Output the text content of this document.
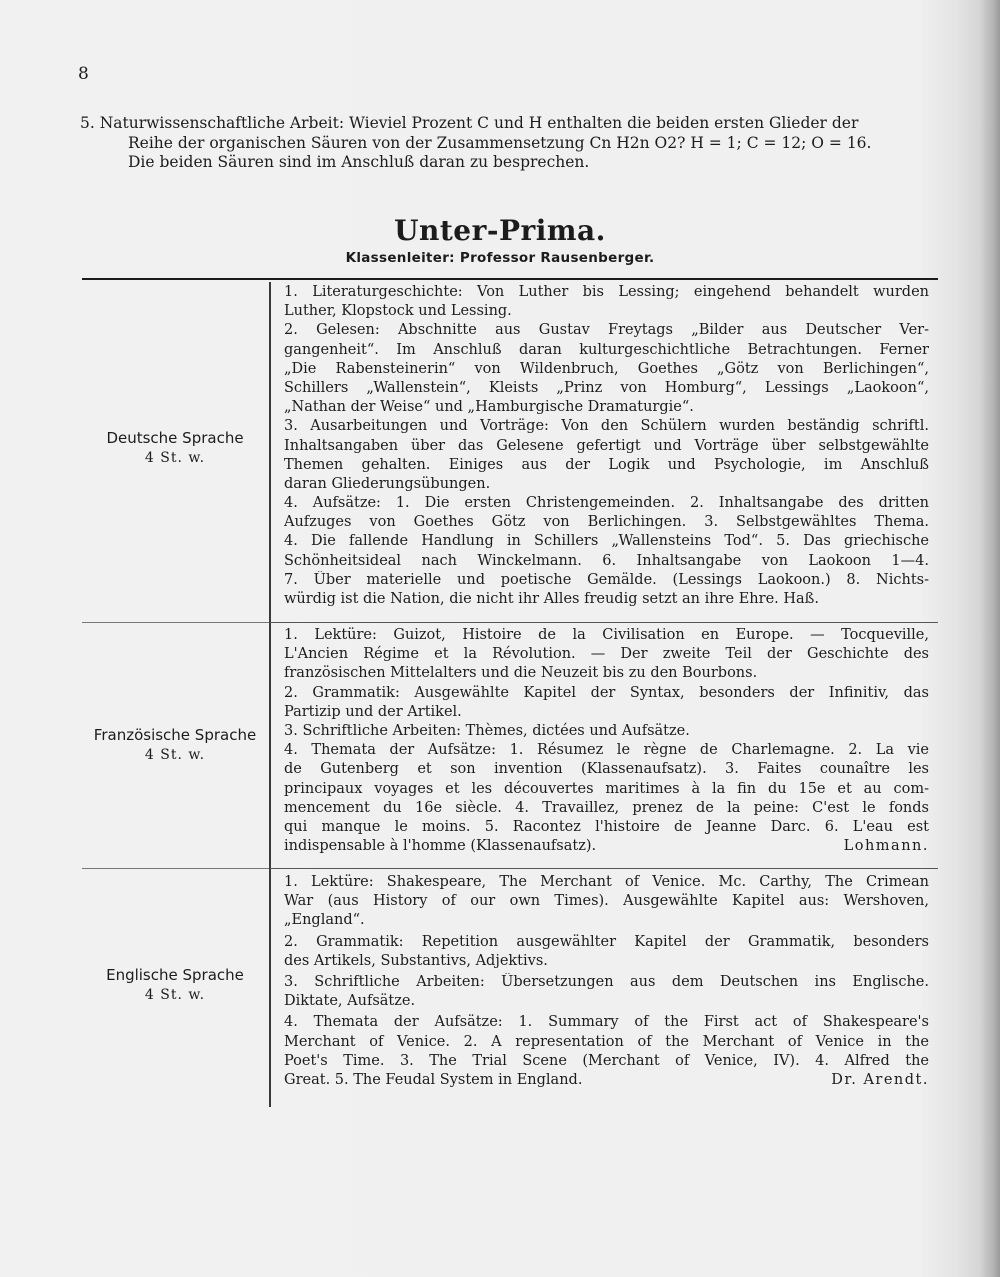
8
5. Naturwissenschaftliche Arbeit: Wieviel Prozent C und H enthalten die beiden ersten Glieder der
Reihe der organischen Säuren von der Zusammensetzung Cn H2n O2? H = 1; C = 12; O = 16.
Die beiden Säuren sind im Anschluß daran zu besprechen.
Unter-Prima.
Klassenleiter: Professor Rausenberger.
Deutsche Sprache
4 St. w.
1. Literaturgeschichte: Von Luther bis Lessing; eingehend behandelt wurden
Luther, Klopstock und Lessing.
2. Gelesen: Abschnitte aus Gustav Freytags „Bilder aus Deutscher Ver-
gangenheit“. Im Anschluß daran kulturgeschichtliche Betrachtungen. Ferner
„Die Rabensteinerin“ von Wildenbruch, Goethes „Götz von Berlichingen“,
Schillers „Wallenstein“, Kleists „Prinz von Homburg“, Lessings „Laokoon“,
„Nathan der Weise“ und „Hamburgische Dramaturgie“.
3. Ausarbeitungen und Vorträge: Von den Schülern wurden beständig schriftl.
Inhaltsangaben über das Gelesene gefertigt und Vorträge über selbstgewählte
Themen gehalten. Einiges aus der Logik und Psychologie, im Anschluß
daran Gliederungsübungen.
4. Aufsätze: 1. Die ersten Christengemeinden. 2. Inhaltsangabe des dritten
Aufzuges von Goethes Götz von Berlichingen. 3. Selbstgewähltes Thema.
4. Die fallende Handlung in Schillers „Wallensteins Tod“. 5. Das griechische
Schönheitsideal nach Winckelmann. 6. Inhaltsangabe von Laokoon 1—4.
7. Über materielle und poetische Gemälde. (Lessings Laokoon.) 8. Nichts-
würdig ist die Nation, die nicht ihr Alles freudig setzt an ihre Ehre. Haß.
Französische Sprache
4 St. w.
1. Lektüre: Guizot, Histoire de la Civilisation en Europe. — Tocqueville,
L'Ancien Régime et la Révolution. — Der zweite Teil der Geschichte des
französischen Mittelalters und die Neuzeit bis zu den Bourbons.
2. Grammatik: Ausgewählte Kapitel der Syntax, besonders der Infinitiv, das
Partizip und der Artikel.
3. Schriftliche Arbeiten: Thèmes, dictées und Aufsätze.
4. Themata der Aufsätze: 1. Résumez le règne de Charlemagne. 2. La vie
de Gutenberg et son invention (Klassenaufsatz). 3. Faites counaître les
principaux voyages et les découvertes maritimes à la fin du 15e et au com-
mencement du 16e siècle. 4. Travaillez, prenez de la peine: C'est le fonds
qui manque le moins. 5. Racontez l'histoire de Jeanne Darc. 6. L'eau est
indispensable à l'homme (Klassenaufsatz).	Lohmann.
Englische Sprache
4 St. w.
1. Lektüre: Shakespeare, The Merchant of Venice. Mc. Carthy, The Crimean
War (aus History of our own Times). Ausgewählte Kapitel aus: Wershoven,
„England“.
2. Grammatik: Repetition ausgewählter Kapitel der Grammatik, besonders
des Artikels, Substantivs, Adjektivs.
3. Schriftliche Arbeiten: Übersetzungen aus dem Deutschen ins Englische.
Diktate, Aufsätze.
4. Themata der Aufsätze: 1. Summary of the First act of Shakespeare's
Merchant of Venice. 2. A representation of the Merchant of Venice in the
Poet's Time. 3. The Trial Scene (Merchant of Venice, IV). 4. Alfred the
Great. 5. The Feudal System in England.	Dr. Arendt.
